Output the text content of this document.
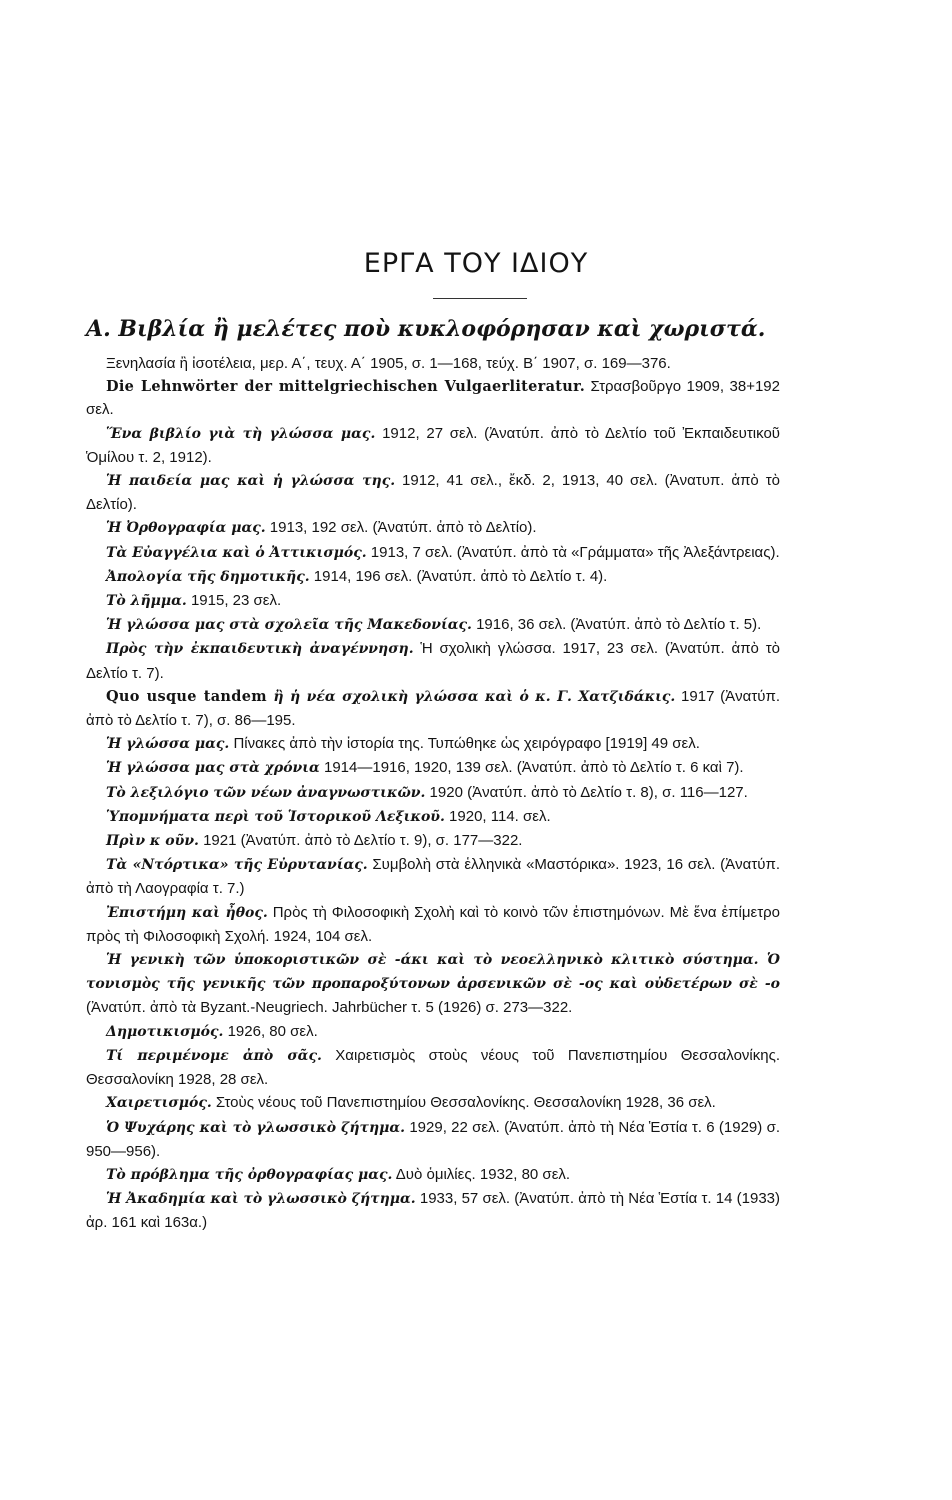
ΕΡΓΑ ΤΟΥ ΙΔΙΟΥ
Α. Βιβλία ἢ μελέτες ποὺ κυκλοφόρησαν καὶ χωριστά.
Ξενηλασία ἢ ἰσοτέλεια, μερ. Α΄, τευχ. Α΄ 1905, σ. 1—168, τεύχ. Β΄ 1907, σ. 169—376.
Die Lehnwörter der mittelgriechischen Vulgaerliteratur. Στρασβοῦργο 1909, 38+192 σελ.
Ἕνα βιβλίο γιὰ τὴ γλώσσα μας. 1912, 27 σελ. (Ἀνατύπ. ἀπὸ τὸ Δελτίο τοῦ Ἐκπαιδευτικοῦ Ὁμίλου τ. 2, 1912).
Ἡ παιδεία μας καὶ ἡ γλώσσα της. 1912, 41 σελ., ἔκδ. 2, 1913, 40 σελ. (Ἀνατυπ. ἀπὸ τὸ Δελτίο).
Ἡ Ὀρθογραφία μας. 1913, 192 σελ. (Ἀνατύπ. ἀπὸ τὸ Δελτίο).
Τὰ Εὐαγγέλια καὶ ὁ Ἀττικισμός. 1913, 7 σελ. (Ἀνατύπ. ἀπὸ τὰ «Γράμματα» τῆς Ἀλεξάντρειας).
Ἀπολογία τῆς δημοτικῆς. 1914, 196 σελ. (Ἀνατύπ. ἀπὸ τὸ Δελτίο τ. 4).
Τὸ λῆμμα. 1915, 23 σελ.
Ἡ γλώσσα μας στὰ σχολεῖα τῆς Μακεδονίας. 1916, 36 σελ. (Ἀνατύπ. ἀπὸ τὸ Δελτίο τ. 5).
Πρὸς τὴν ἐκπαιδευτικὴ ἀναγέννηση. Ἡ σχολικὴ γλώσσα. 1917, 23 σελ. (Ἀνατύπ. ἀπὸ τὸ Δελτίο τ. 7).
Quo usque tandem ἢ ἡ νέα σχολικὴ γλώσσα καὶ ὁ κ. Γ. Χατζιδάκις. 1917 (Ἀνατύπ. ἀπὸ τὸ Δελτίο τ. 7), σ. 86—195.
Ἡ γλώσσα μας. Πίνακες ἀπὸ τὴν ἱστορία της. Τυπώθηκε ὡς χειρόγραφο [1919] 49 σελ.
Ἡ γλώσσα μας στὰ χρόνια 1914—1916, 1920, 139 σελ. (Ἀνατύπ. ἀπὸ τὸ Δελτίο τ. 6 καὶ 7).
Τὸ λεξιλόγιο τῶν νέων ἀναγνωστικῶν. 1920 (Ἀνατύπ. ἀπὸ τὸ Δελτίο τ. 8), σ. 116—127.
Ὑπομνήματα περὶ τοῦ Ἱστορικοῦ Λεξικοῦ. 1920, 114. σελ.
Πρὶν κ οῦν. 1921 (Ἀνατύπ. ἀπὸ τὸ Δελτίο τ. 9), σ. 177—322.
Τὰ «Ντόρτικα» τῆς Εὐρυτανίας. Συμβολὴ στὰ ἑλληνικὰ «Μαστόρικα». 1923, 16 σελ. (Ἀνατύπ. ἀπὸ τὴ Λαογραφία τ. 7.)
Ἐπιστήμη καὶ ἦθος. Πρὸς τὴ Φιλοσοφικὴ Σχολὴ καὶ τὸ κοινὸ τῶν ἐπιστημόνων. Μὲ ἕνα ἐπίμετρο πρὸς τὴ Φιλοσοφικὴ Σχολή. 1924, 104 σελ.
Ἡ γενικὴ τῶν ὑποκοριστικῶν σὲ -άκι καὶ τὸ νεοελληνικὸ κλιτικὸ σύστημα. Ὁ τονισμὸς τῆς γενικῆς τῶν προπαροξύτονων ἀρσενικῶν σὲ -ος καὶ οὐδετέρων σὲ -ο (Ἀνατύπ. ἀπὸ τὰ Byzant.-Neugriech. Jahrbücher τ. 5 (1926) σ. 273—322.
Δημοτικισμός. 1926, 80 σελ.
Τί περιμένομε ἀπὸ σᾶς. Χαιρετισμὸς στοὺς νέους τοῦ Πανεπιστημίου Θεσσαλονίκης. Θεσσαλονίκη 1928, 28 σελ.
Χαιρετισμός. Στοὺς νέους τοῦ Πανεπιστημίου Θεσσαλονίκης. Θεσσαλονίκη 1928, 36 σελ.
Ὁ Ψυχάρης καὶ τὸ γλωσσικὸ ζήτημα. 1929, 22 σελ. (Ἀνατύπ. ἀπὸ τὴ Νέα Ἑστία τ. 6 (1929) σ. 950—956).
Τὸ πρόβλημα τῆς ὀρθογραφίας μας. Δυὸ ὁμιλίες. 1932, 80 σελ.
Ἡ Ἀκαδημία καὶ τὸ γλωσσικὸ ζήτημα. 1933, 57 σελ. (Ἀνατύπ. ἀπὸ τὴ Νέα Ἑστία τ. 14 (1933) ἀρ. 161 καὶ 163α.)
